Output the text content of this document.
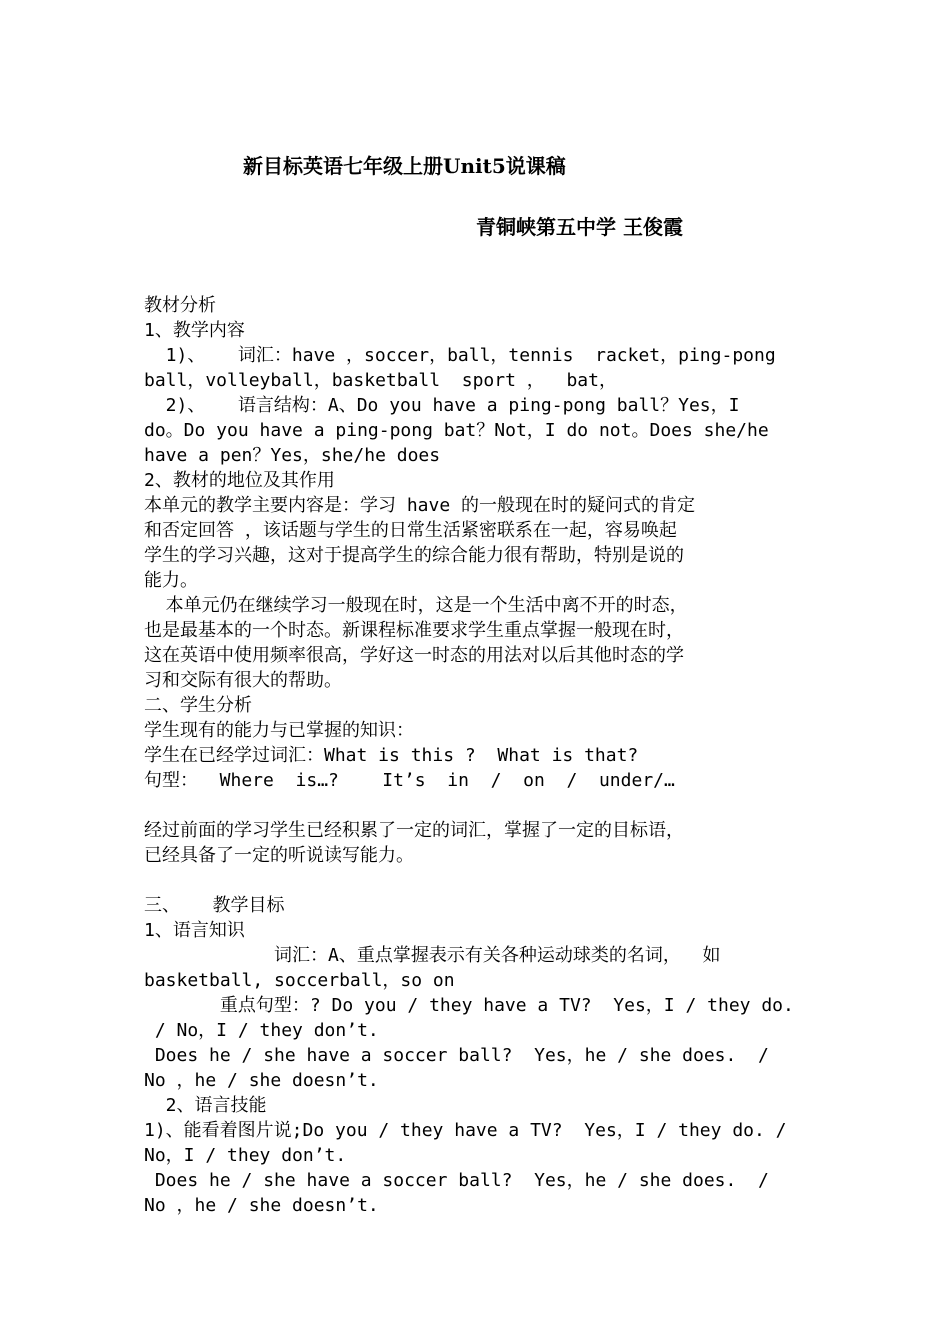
新目标英语七年级上册Unit5说课稿
青铜峡第五中学 王俊霞
教材分析
1、教学内容
1)、   词汇：have ，soccer，ball，tennis  racket，ping-pong
ball，volleyball，basketball  sport ，  bat，
2)、   语言结构：A、Do you have a ping-pong ball？Yes，I
do。Do you have a ping-pong bat？Not，I do not。Does she/he
have a pen？Yes，she/he does
2、教材的地位及其作用
本单元的教学主要内容是：学习 have 的一般现在时的疑问式的肯定
和否定回答 ，该话题与学生的日常生活紧密联系在一起，容易唤起
学生的学习兴趣，这对于提高学生的综合能力很有帮助，特别是说的
能力。
本单元仍在继续学习一般现在时，这是一个生活中离不开的时态，
也是最基本的一个时态。新课程标准要求学生重点掌握一般现在时，
这在英语中使用频率很高，学好这一时态的用法对以后其他时态的学
习和交际有很大的帮助。
二、学生分析
学生现有的能力与已掌握的知识：
学生在已经学过词汇：What is this ?  What is that?
句型：  Where  is…?    It’s  in  /  on  /  under/…
经过前面的学习学生已经积累了一定的词汇，掌握了一定的目标语，
已经具备了一定的听说读写能力。
三、   教学目标
1、语言知识
词汇：A、重点掌握表示有关各种运动球类的名词，  如
basketball, soccerball，so on
重点句型：? Do you / they have a TV?  Yes，I / they do.
/ No，I / they don’t.
Does he / she have a soccer ball?  Yes，he / she does.  /
No ，he / she doesn’t.
2、语言技能
1)、能看着图片说;Do you / they have a TV?  Yes，I / they do. /
No，I / they don’t.
Does he / she have a soccer ball?  Yes，he / she does.  /
No ，he / she doesn’t.
